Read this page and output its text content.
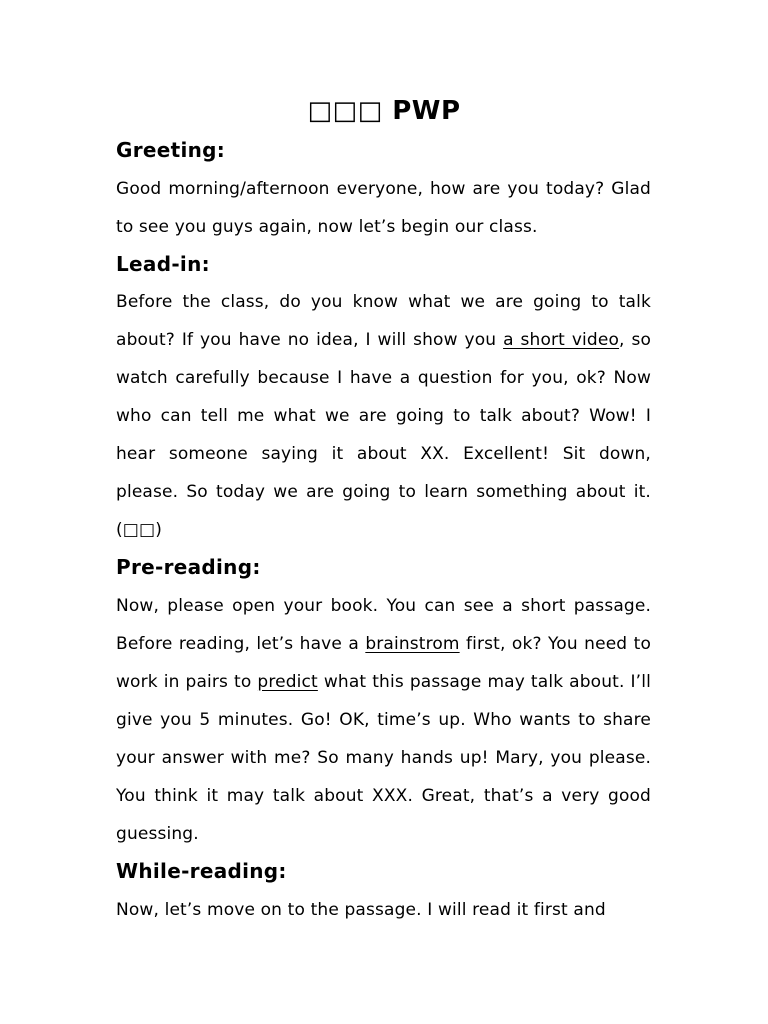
□□□ PWP
Greeting:
Good morning/afternoon everyone, how are you today? Glad to see you guys again, now let’s begin our class.
Lead-in:
Before the class, do you know what we are going to talk about? If you have no idea, I will show you a short video, so watch carefully because I have a question for you, ok? Now who can tell me what we are going to talk about? Wow! I hear someone saying it about XX. Excellent! Sit down, please. So today we are going to learn something about it.(□□)
Pre-reading:
Now, please open your book. You can see a short passage. Before reading, let’s have a brainstrom first, ok? You need to work in pairs to predict what this passage may talk about. I’ll give you 5 minutes. Go! OK, time’s up. Who wants to share your answer with me? So many hands up! Mary, you please. You think it may talk about XXX. Great, that’s a very good guessing.
While-reading:
Now, let’s move on to the passage. I will read it first and
